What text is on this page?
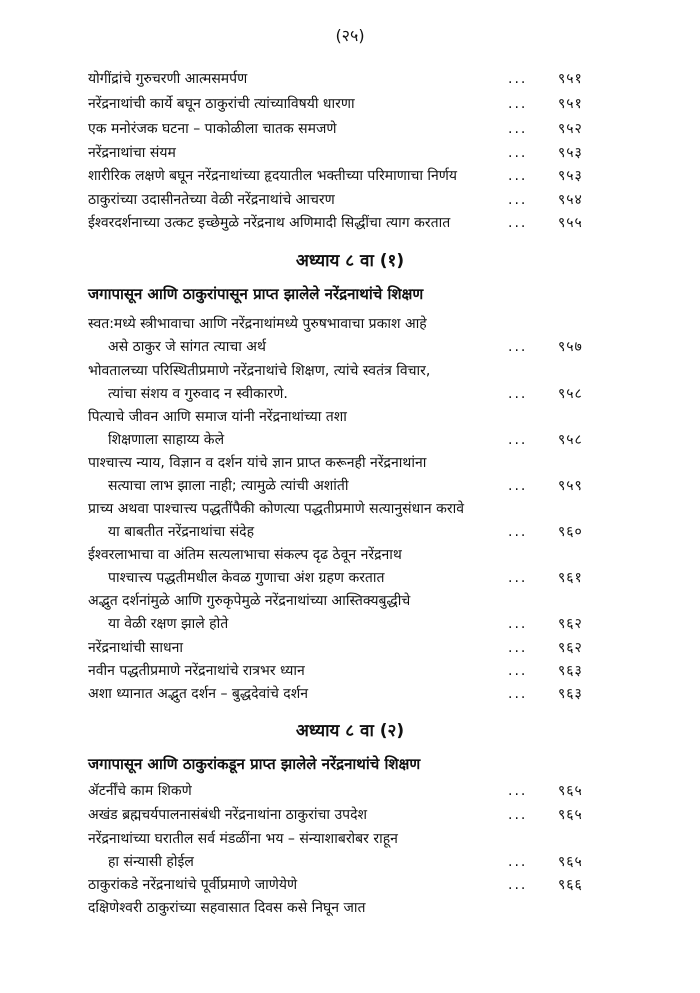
(२५)
योगींद्रांचे गुरुचरणी आत्मसमर्पण	... ९५१
नरेंद्रनाथांची कार्ये बघून ठाकुरांची त्यांच्याविषयी धारणा	... ९५१
एक मनोरंजक घटना – पाकोळीला चातक समजणे	... ९५२
नरेंद्रनाथांचा संयम	... ९५३
शारीरिक लक्षणे बघून नरेंद्रनाथांच्या हृदयातील भक्तीच्या परिमाणाचा निर्णय	... ९५३
ठाकुरांच्या उदासीनतेच्या वेळी नरेंद्रनाथांचे आचरण	... ९५४
ईश्वरदर्शनाच्या उत्कट इच्छेमुळे नरेंद्रनाथ अणिमादी सिद्धींचा त्याग करतात	... ९५५
अध्याय ८ वा (१)
जगापासून आणि ठाकुरांपासून प्राप्त झालेले नरेंद्रनाथांचे शिक्षण
स्वत:मध्ये स्त्रीभावाचा आणि नरेंद्रनाथांमध्ये पुरुषभावाचा प्रकाश आहे
असे ठाकुर जे सांगत त्याचा अर्थ	... ९५७
भोवतालच्या परिस्थितीप्रमाणे नरेंद्रनाथांचे शिक्षण, त्यांचे स्वतंत्र विचार,
त्यांचा संशय व गुरुवाद न स्वीकारणे.	... ९५८
पित्याचे जीवन आणि समाज यांनी नरेंद्रनाथांच्या तशा
शिक्षणाला साहाय्य केले	... ९५८
पाश्चात्त्य न्याय, विज्ञान व दर्शन यांचे ज्ञान प्राप्त करूनही नरेंद्रनाथांना
सत्याचा लाभ झाला नाही; त्यामुळे त्यांची अशांती	... ९५९
प्राच्य अथवा पाश्चात्त्य पद्धतींपैकी कोणत्या पद्धतीप्रमाणे सत्यानुसंधान करावे
या बाबतीत नरेंद्रनाथांचा संदेह	... ९६०
ईश्वरलाभाचा वा अंतिम सत्यलाभाचा संकल्प दृढ ठेवून नरेंद्रनाथ
पाश्चात्त्य पद्धतीमधील केवळ गुणाचा अंश ग्रहण करतात	... ९६१
अद्भुत दर्शनांमुळे आणि गुरुकृपेमुळे नरेंद्रनाथांच्या आस्तिक्यबुद्धीचे
या वेळी रक्षण झाले होते	... ९६२
नरेंद्रनाथांची साधना	... ९६२
नवीन पद्धतीप्रमाणे नरेंद्रनाथांचे रात्रभर ध्यान	... ९६३
अशा ध्यानात अद्भुत दर्शन – बुद्धदेवांचे दर्शन	... ९६३
अध्याय ८ वा (२)
जगापासून आणि ठाकुरांकडून प्राप्त झालेले नरेंद्रनाथांचे शिक्षण
ॲटर्नींचे काम शिकणे	... ९६५
अखंड ब्रह्मचर्यपालनासंबंधी नरेंद्रनाथांना ठाकुरांचा उपदेश	... ९६५
नरेंद्रनाथांच्या घरातील सर्व मंडळींना भय – संन्याशाबरोबर राहून
हा संन्यासी होईल	... ९६५
ठाकुरांकडे नरेंद्रनाथांचे पूर्वीप्रमाणे जाणेयेणे	... ९६६
दक्षिणेश्वरी ठाकुरांच्या सहवासात दिवस कसे निघून जात
